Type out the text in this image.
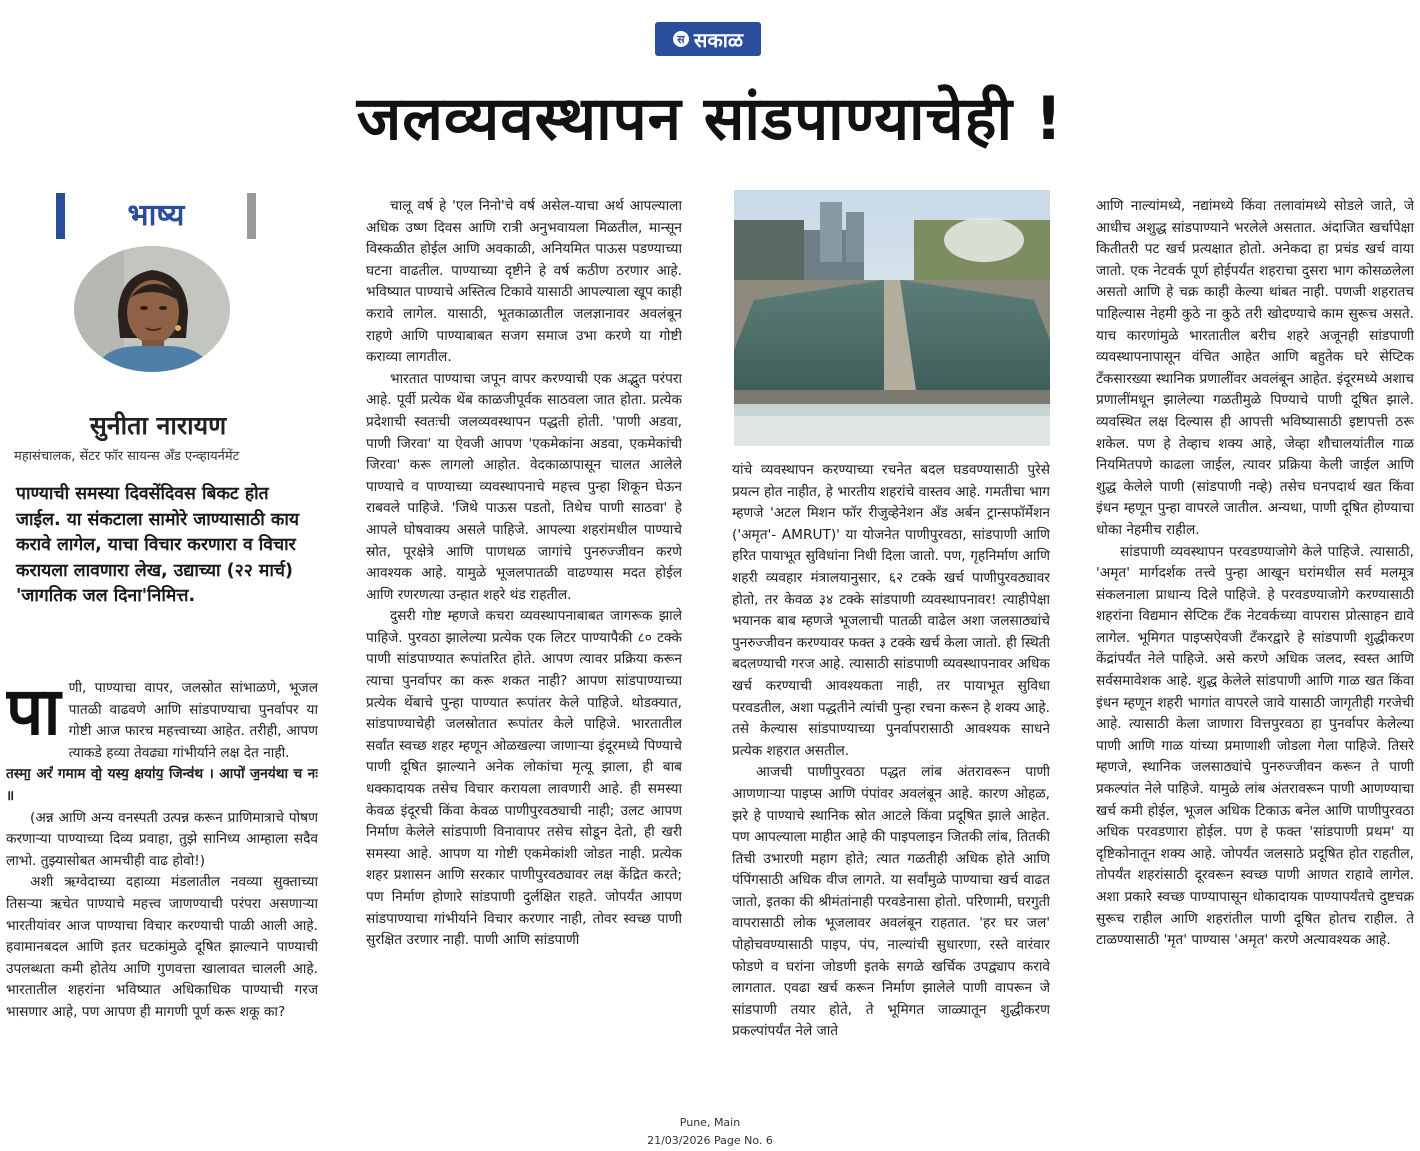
स सकाळ
जलव्यवस्थापन सांडपाण्याचेही !
भाष्य
सुनीता नारायण
महासंचालक, सेंटर फॉर सायन्स अँड एन्व्हायर्नमेंट
पाण्याची समस्या दिवसेंदिवस बिकट होत जाईल. या संकटाला सामोरे जाण्यासाठी काय करावे लागेल, याचा विचार करणारा व विचार करायला लावणारा लेख, उद्याच्या (२२ मार्च) 'जागतिक जल दिना'निमित्त.
पा णी, पाण्याचा वापर, जलस्रोत सांभाळणे, भूजल पातळी वाढवणे आणि सांडपाण्याचा पुनर्वापर या गोष्टी आज फारच महत्त्वाच्या आहेत. तरीही, आपण त्याकडे हव्या तेवढ्या गांभीर्याने लक्ष देत नाही.

तस्मा॒ अरं॑ गमाम वो॒ यस्य॒ क्षया॑य॒ जिन्व॑थ । आपो॑ ज॒नय॑था च नः ॥

(अन्न आणि अन्य वनस्पती उत्पन्न करून प्राणिमात्राचे पोषण करणाऱ्या पाण्याच्या दिव्य प्रवाहा, तुझे सानिध्य आम्हाला सदैव लाभो. तुझ्यासोबत आमचीही वाढ होवो!)

अशी ऋग्वेदाच्या दहाव्या मंडलातील नवव्या सुक्ताच्या तिसऱ्या ऋचेत पाण्याचे महत्त्व जाणण्याची परंपरा असणाऱ्या भारतीयांवर आज पाण्याचा विचार करण्याची पाळी आली आहे. हवामानबदल आणि इतर घटकांमुळे दूषित झाल्याने पाण्याची उपलब्धता कमी होतेय आणि गुणवत्ता खालावत चालली आहे. भारतातील शहरांना भविष्यात अधिकाधिक पाण्याची गरज भासणार आहे, पण आपण ही मागणी पूर्ण करू शकू का?

चालू वर्ष हे 'एल निनो'चे वर्ष असेल-याचा अर्थ आपल्याला अधिक उष्ण दिवस आणि रात्री अनुभवायला मिळतील, मान्सून विस्कळीत होईल आणि अवकाळी, अनियमित पाऊस पडण्याच्या घटना वाढतील. पाण्याच्या दृष्टीने हे वर्ष कठीण ठरणार आहे. भविष्यात पाण्याचे अस्तित्व टिकावे यासाठी आपल्याला खूप काही करावे लागेल. यासाठी, भूतकाळातील जलज्ञानावर अवलंबून राहणे आणि पाण्याबाबत सजग समाज उभा करणे या गोष्टी कराव्या लागतील.

भारतात पाण्याचा जपून वापर करण्याची एक अद्भुत परंपरा आहे. पूर्वी प्रत्येक थेंब काळजीपूर्वक साठवला जात होता. प्रत्येक प्रदेशाची स्वतःची जलव्यवस्थापन पद्धती होती. 'पाणी अडवा, पाणी जिरवा' या ऐवजी आपण 'एकमेकांना अडवा, एकमेकांची जिरवा' करू लागलो आहोत. वेदकाळापासून चालत आलेले पाण्याचे व पाण्याच्या व्यवस्थापनाचे महत्त्व पुन्हा शिकून घेऊन राबवले पाहिजे. 'जिथे पाऊस पडतो, तिथेच पाणी साठवा' हे आपले घोषवाक्य असले पाहिजे. आपल्या शहरांमधील पाण्याचे स्रोत, पूरक्षेत्रे आणि पाणथळ जागांचे पुनरुज्जीवन करणे आवश्यक आहे. यामुळे भूजलपातळी वाढण्यास मदत होईल आणि रणरणत्या उन्हात शहरे थंड राहतील.

दुसरी गोष्ट म्हणजे कचरा व्यवस्थापनाबाबत जागरूक झाले पाहिजे. पुरवठा झालेल्या प्रत्येक एक लिटर पाण्यापैकी ८० टक्के पाणी सांडपाण्यात रूपांतरित होते. आपण त्यावर प्रक्रिया करून त्याचा पुनर्वापर का करू शकत नाही? आपण सांडपाण्याच्या प्रत्येक थेंबाचे पुन्हा पाण्यात रूपांतर केले पाहिजे. थोडक्यात, सांडपाण्याचेही जलस्रोतात रूपांतर केले पाहिजे. भारतातील सर्वांत स्वच्छ शहर म्हणून ओळखल्या जाणाऱ्या इंदूरमध्ये पिण्याचे पाणी दूषित झाल्याने अनेक लोकांचा मृत्यू झाला, ही बाब धक्कादायक तसेच विचार करायला लावणारी आहे. ही समस्या केवळ इंदूरची किंवा केवळ पाणीपुरवठ्याची नाही; उलट आपण निर्माण केलेले सांडपाणी विनावापर तसेच सोडून देतो, ही खरी समस्या आहे. आपण या गोष्टी एकमेकांशी जोडत नाही. प्रत्येक शहर प्रशासन आणि सरकार पाणीपुरवठ्यावर लक्ष केंद्रित करते; पण निर्माण होणारे सांडपाणी दुर्लक्षित राहते. जोपर्यंत आपण सांडपाण्याचा गांभीर्याने विचार करणार नाही, तोवर स्वच्छ पाणी सुरक्षित उरणार नाही. पाणी आणि सांडपाणी

यांचे व्यवस्थापन करण्याच्या रचनेत बदल घडवण्यासाठी पुरेसे प्रयत्न होत नाहीत, हे भारतीय शहरांचे वास्तव आहे. गमतीचा भाग म्हणजे 'अटल मिशन फॉर रीजुव्हेनेशन अँड अर्बन ट्रान्सफॉर्मेशन ('अमृत'- AMRUT)' या योजनेत पाणीपुरवठा, सांडपाणी आणि हरित पायाभूत सुविधांना निधी दिला जातो. पण, गृहनिर्माण आणि शहरी व्यवहार मंत्रालयानुसार, ६२ टक्के खर्च पाणीपुरवठ्यावर होतो, तर केवळ ३४ टक्के सांडपाणी व्यवस्थापनावर! त्याहीपेक्षा भयानक बाब म्हणजे भूजलाची पातळी वाढेल अशा जलसाठ्यांचे पुनरुज्जीवन करण्यावर फक्त ३ टक्के खर्च केला जातो. ही स्थिती बदलण्याची गरज आहे. त्यासाठी सांडपाणी व्यवस्थापनावर अधिक खर्च करण्याची आवश्यकता नाही, तर पायाभूत सुविधा परवडतील, अशा पद्धतीने त्यांची पुन्हा रचना करून हे शक्य आहे. तसे केल्यास सांडपाण्याच्या पुनर्वापरासाठी आवश्यक साधने प्रत्येक शहरात असतील.

आजची पाणीपुरवठा पद्धत लांब अंतरावरून पाणी आणणाऱ्या पाइप्स आणि पंपांवर अवलंबून आहे. कारण ओहळ, झरे हे पाण्याचे स्थानिक स्रोत आटले किंवा प्रदूषित झाले आहेत. पण आपल्याला माहीत आहे की पाइपलाइन जितकी लांब, तितकी तिची उभारणी महाग होते; त्यात गळतीही अधिक होते आणि पंपिंगसाठी अधिक वीज लागते. या सर्वांमुळे पाण्याचा खर्च वाढत जातो, इतका की श्रीमंतांनाही परवडेनासा होतो. परिणामी, घरगुती वापरासाठी लोक भूजलावर अवलंबून राहतात. 'हर घर जल' पोहोचवण्यासाठी पाइप, पंप, नाल्यांची सुधारणा, रस्ते वारंवार फोडणे व घरांना जोडणी इतके सगळे खर्चिक उपद्व्याप करावे लागतात. एवढा खर्च करून निर्माण झालेले पाणी वापरून जे सांडपाणी तयार होते, ते भूमिगत जाळ्यातून शुद्धीकरण प्रकल्पांपर्यंत नेले जाते

आणि नाल्यांमध्ये, नद्यांमध्ये किंवा तलावांमध्ये सोडले जाते, जे आधीच अशुद्ध सांडपाण्याने भरलेले असतात. अंदाजित खर्चापेक्षा कितीतरी पट खर्च प्रत्यक्षात होतो. अनेकदा हा प्रचंड खर्च वाया जातो. एक नेटवर्क पूर्ण होईपर्यंत शहराचा दुसरा भाग कोसळलेला असतो आणि हे चक्र काही केल्या थांबत नाही. पणजी शहरातच पाहिल्यास नेहमी कुठे ना कुठे तरी खोदण्याचे काम सुरूच असते. याच कारणांमुळे भारतातील बरीच शहरे अजूनही सांडपाणी व्यवस्थापनापासून वंचित आहेत आणि बहुतेक घरे सेप्टिक टँकसारख्या स्थानिक प्रणालींवर अवलंबून आहेत. इंदूरमध्ये अशाच प्रणालींमधून झालेल्या गळतीमुळे पिण्याचे पाणी दूषित झाले. व्यवस्थित लक्ष दिल्यास ही आपत्ती भविष्यासाठी इष्टापत्ती ठरू शकेल. पण हे तेव्हाच शक्य आहे, जेव्हा शौचालयांतील गाळ नियमितपणे काढला जाईल, त्यावर प्रक्रिया केली जाईल आणि शुद्ध केलेले पाणी (सांडपाणी नव्हे) तसेच घनपदार्थ खत किंवा इंधन म्हणून पुन्हा वापरले जातील. अन्यथा, पाणी दूषित होण्याचा धोका नेहमीच राहील.

सांडपाणी व्यवस्थापन परवडण्याजोगे केले पाहिजे. त्यासाठी, 'अमृत' मार्गदर्शक तत्त्वे पुन्हा आखून घरांमधील सर्व मलमूत्र संकलनाला प्राधान्य दिले पाहिजे. हे परवडण्याजोगे करण्यासाठी शहरांना विद्यमान सेप्टिक टँक नेटवर्कच्या वापरास प्रोत्साहन द्यावे लागेल. भूमिगत पाइप्सऐवजी टँकरद्वारे हे सांडपाणी शुद्धीकरण केंद्रांपर्यंत नेले पाहिजे. असे करणे अधिक जलद, स्वस्त आणि सर्वसमावेशक आहे. शुद्ध केलेले सांडपाणी आणि गाळ खत किंवा इंधन म्हणून शहरी भागांत वापरले जावे यासाठी जागृतीही गरजेची आहे. त्यासाठी केला जाणारा वित्तपुरवठा हा पुनर्वापर केलेल्या पाणी आणि गाळ यांच्या प्रमाणाशी जोडला गेला पाहिजे. तिसरे म्हणजे, स्थानिक जलसाठ्यांचे पुनरुज्जीवन करून ते पाणी प्रकल्पांत नेले पाहिजे. यामुळे लांब अंतरावरून पाणी आणण्याचा खर्च कमी होईल, भूजल अधिक टिकाऊ बनेल आणि पाणीपुरवठा अधिक परवडणारा होईल. पण हे फक्त 'सांडपाणी प्रथम' या दृष्टिकोनातून शक्य आहे. जोपर्यंत जलसाठे प्रदूषित होत राहतील, तोपर्यंत शहरांसाठी दूरवरून स्वच्छ पाणी आणत राहावे लागेल. अशा प्रकारे स्वच्छ पाण्यापासून धोकादायक पाण्यापर्यंतचे दुष्टचक्र सुरूच राहील आणि शहरांतील पाणी दूषित होतच राहील. ते टाळण्यासाठी 'मृत' पाण्यास 'अमृत' करणे अत्यावश्यक आहे.

Pune, Main
21/03/2026 Page No. 6
